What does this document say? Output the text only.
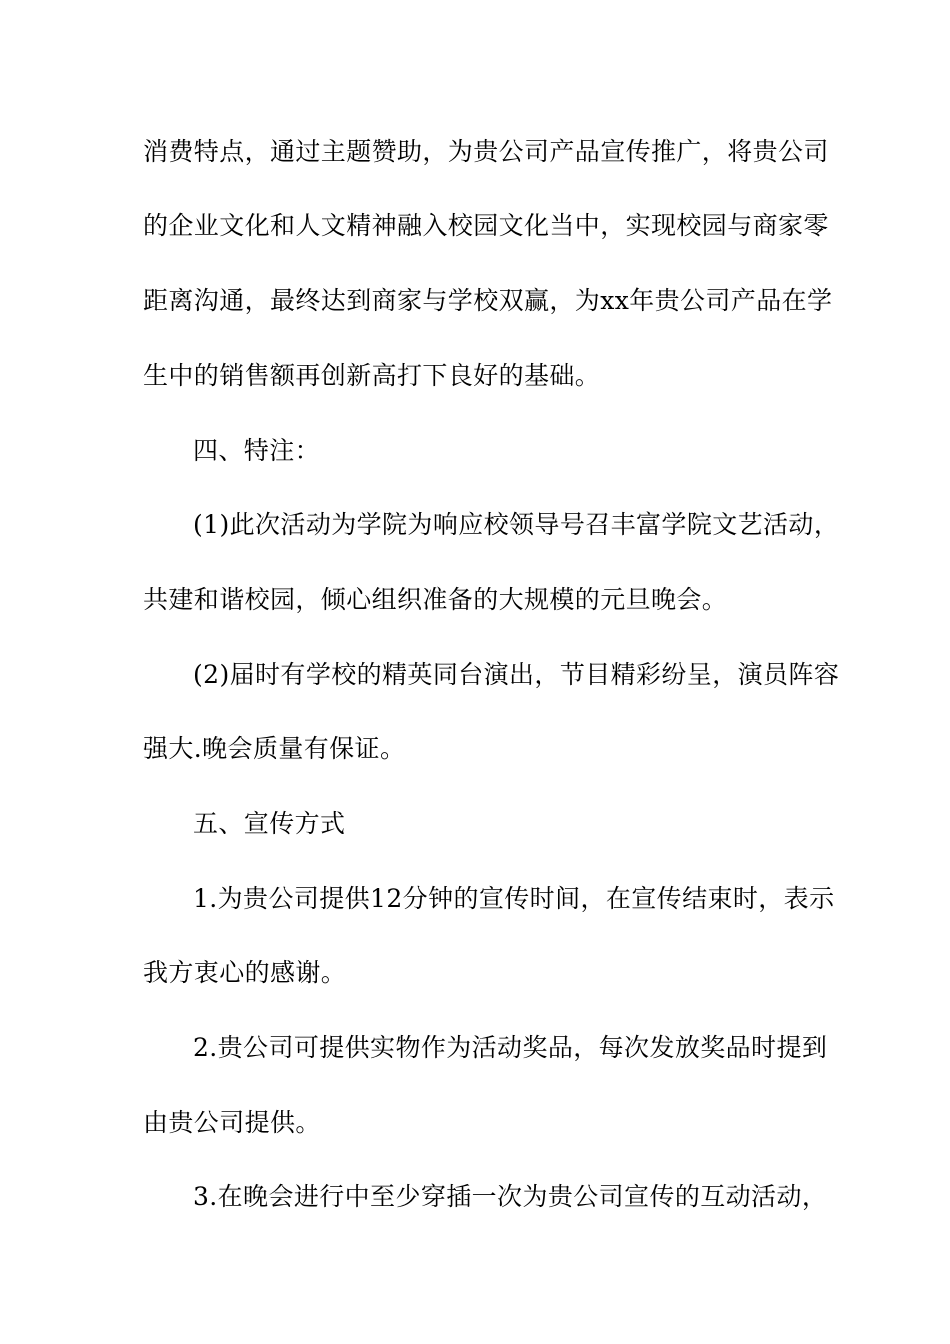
消费特点，通过主题赞助，为贵公司产品宣传推广，将贵公司
的企业文化和人文精神融入校园文化当中，实现校园与商家零
距离沟通，最终达到商家与学校双赢，为xx年贵公司产品在学
生中的销售额再创新高打下良好的基础。
四、特注：
(1)此次活动为学院为响应校领导号召丰富学院文艺活动，
共建和谐校园，倾心组织准备的大规模的元旦晚会。
(2)届时有学校的精英同台演出，节目精彩纷呈，演员阵容
强大.晚会质量有保证。
五、宣传方式
1.为贵公司提供12分钟的宣传时间，在宣传结束时，表示
我方衷心的感谢。
2.贵公司可提供实物作为活动奖品，每次发放奖品时提到
由贵公司提供。
3.在晚会进行中至少穿插一次为贵公司宣传的互动活动，
